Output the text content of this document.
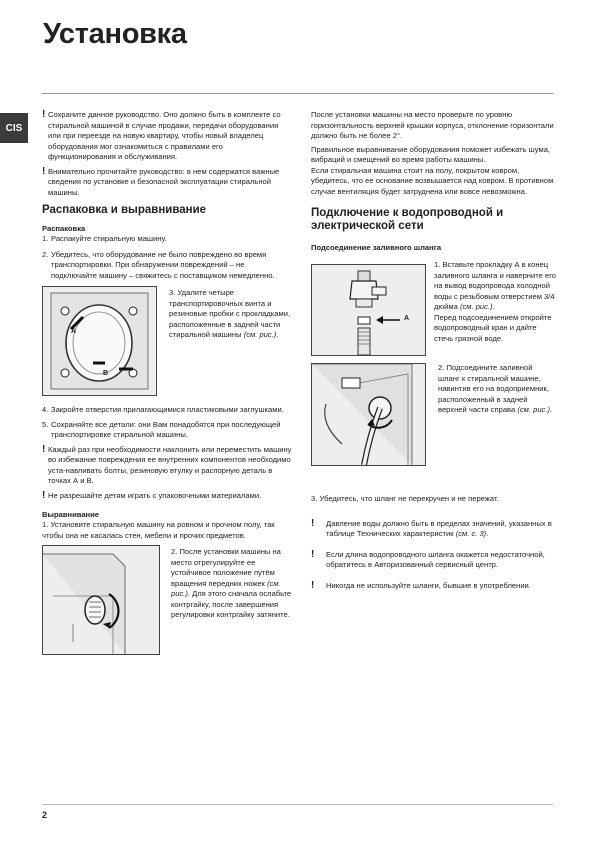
Установка
CIS
! Сохраните данное руководство. Оно должно быть в комплекте со стиральной машиной в случае продажи, передачи оборудования или при переезде на новую квартиру, чтобы новый владелец оборудования мог ознакомиться с правилами его функционирования и обслуживания.

! Внимательно прочитайте руководство: в нем содержатся важные сведения по установке и безопасной эксплуатации стиральной машины.

Распаковка и выравнивание
Распаковка
1. Распакуйте стиральную машину.
2. Убедитесь, что оборудование не было повреждено во время транспортировки. При обнаружении повреждений – не подключайте машину – свяжитесь с поставщиком немедленно.
A
B

3. Удалите четыре транспортировочных винта и резиновые пробки с прокладками, расположенные в задней части стиральной машины (см. рис.).

4. Закройте отверстия прилагающимися пластиковыми заглушками.
5. Сохраняйте все детали: они Вам понадобятся при последующей транспортировке стиральной машины.
! Каждый раз при необходимости наклонить или переместить машину во избежание повреждения ее внутренних компонентов необходимо уста-навливать болты, резиновую втулку и распорную деталь в точках А и В.

! Не разрешайте детям играть с упаковочными материалами.

Выравнивание

1. Установите стиральную машину на ровном и прочном полу, так чтобы она не касалась стен, мебели и прочих предметов.

2. После установки машины на место отрегулируйте ее устойчивое положение путём вращения передних ножек (см. рис.). Для этого сначала ослабьте контргайку, после завершения регулировки контргайку затяните.

После установки машины на место проверьте по уровню горизонтальность верхней крышки корпуса, отклонение горизонтали должно быть не более 2°.

Правильное выравнивание оборудования поможет избежать шума, вибраций и смещений во время работы машины.

Если стиральная машина стоит на полу, покрытом ковром, убедитесь, что ее основание возвышается над ковром. В противном случае вентиляция будет затруднена или вовсе невозможна.

Подключение к водопроводной и электрической сети
Подсоединение заливного шланга
A

1. Вставьте прокладку А в конец заливного шланга и наверните его на вывод водопровода холодной воды с резьбовым отверстием 3/4 дюйма (см. рис.).

Перед подсоединением откройте водопроводный кран и дайте стечь грязной воде.

2. Подсоедините заливной шланг к стиральной машине, навинтив его на водоприемник, расположенный в задней верхней части справа (см. рис.).

3. Убедитесь, что шланг не перекручен и не пережат.

!	Давление воды должно быть в пределах значений, указанных в таблице Технических характеристик (см. с. 3).

!	Если длина водопроводного шланга окажется недостаточной, обратитесь в Авторизованный сервисный центр.

!	Никогда не используйте шланги, бывшие в употреблении.

2
